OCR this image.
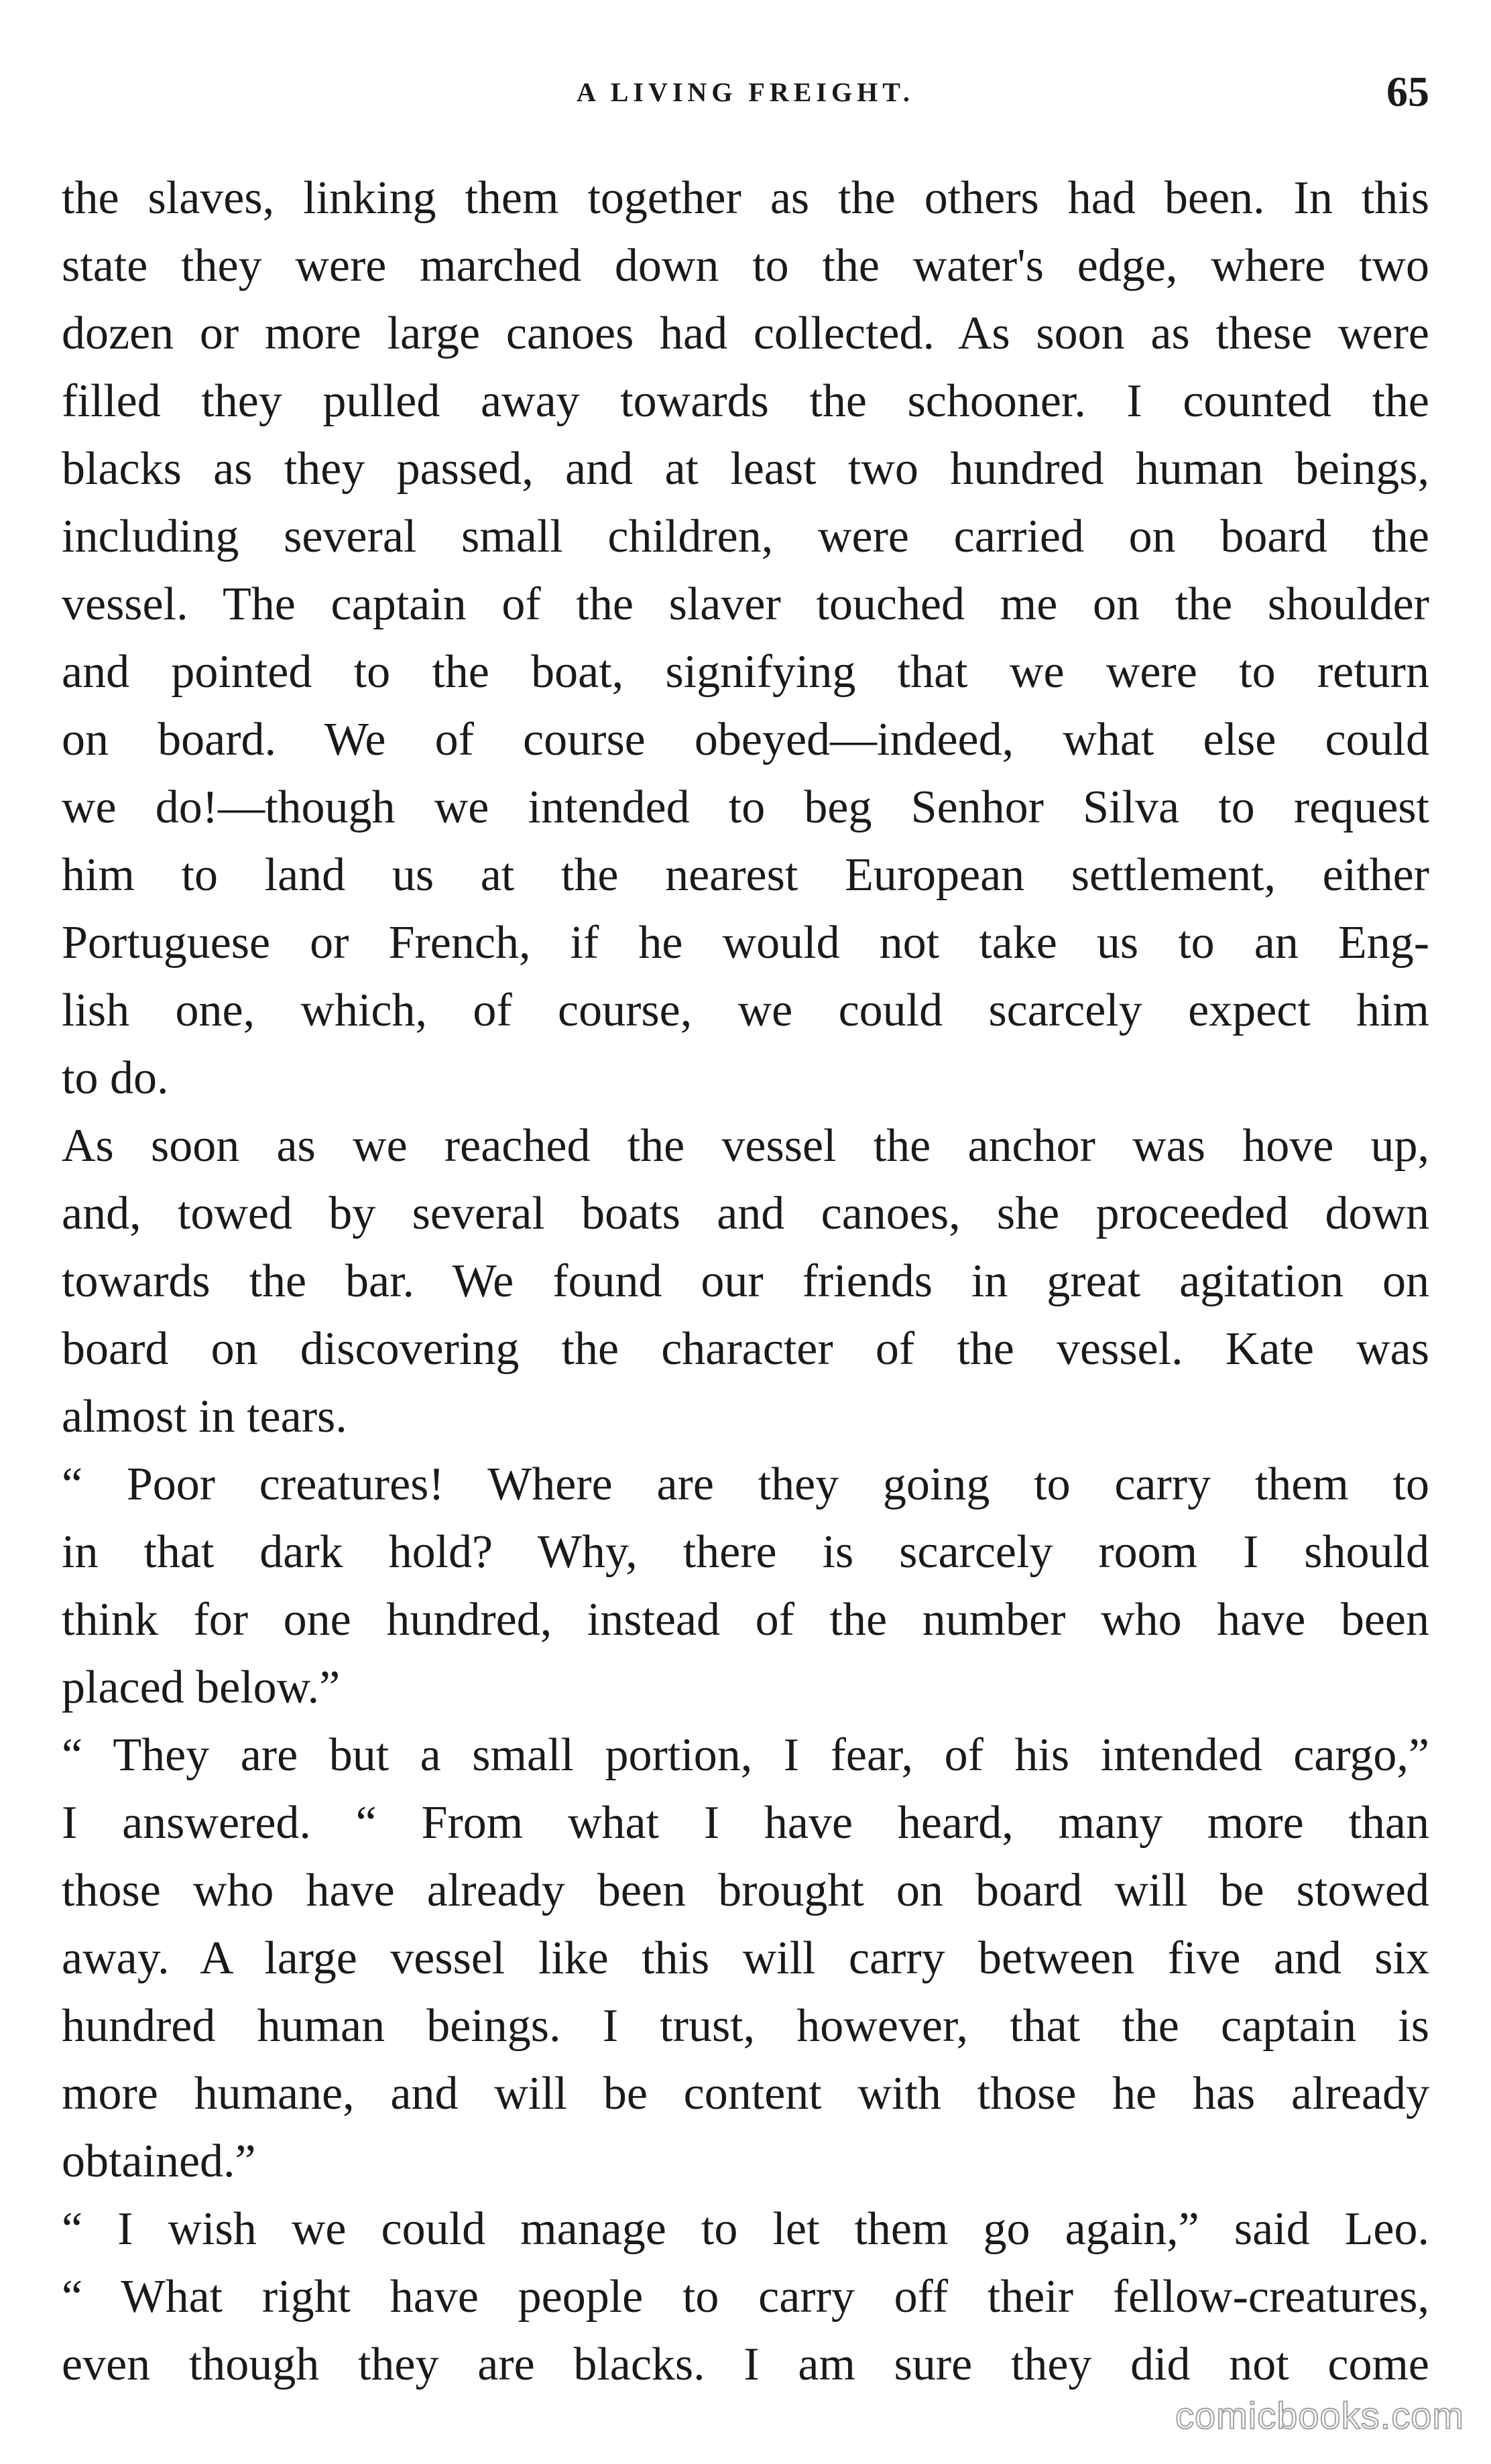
A LIVING FREIGHT.	65

the slaves, linking them together as the others had been. In this
state they were marched down to the water's edge, where two
dozen or more large canoes had collected. As soon as these were
filled they pulled away towards the schooner. I counted the
blacks as they passed, and at least two hundred human beings,
including several small children, were carried on board the
vessel. The captain of the slaver touched me on the shoulder
and pointed to the boat, signifying that we were to return
on board. We of course obeyed—indeed, what else could
we do!—though we intended to beg Senhor Silva to request
him to land us at the nearest European settlement, either
Portuguese or French, if he would not take us to an Eng-
lish one, which, of course, we could scarcely expect him
to do.

As soon as we reached the vessel the anchor was hove up,
and, towed by several boats and canoes, she proceeded down
towards the bar. We found our friends in great agitation on
board on discovering the character of the vessel. Kate was
almost in tears.

“ Poor creatures! Where are they going to carry them to
in that dark hold? Why, there is scarcely room I should
think for one hundred, instead of the number who have been
placed below.”

“ They are but a small portion, I fear, of his intended cargo,”
I answered. “ From what I have heard, many more than
those who have already been brought on board will be stowed
away. A large vessel like this will carry between five and six
hundred human beings. I trust, however, that the captain is
more humane, and will be content with those he has already
obtained.”

“ I wish we could manage to let them go again,” said Leo.
“ What right have people to carry off their fellow-creatures,
even though they are blacks. I am sure they did not come

comicbooks.com
